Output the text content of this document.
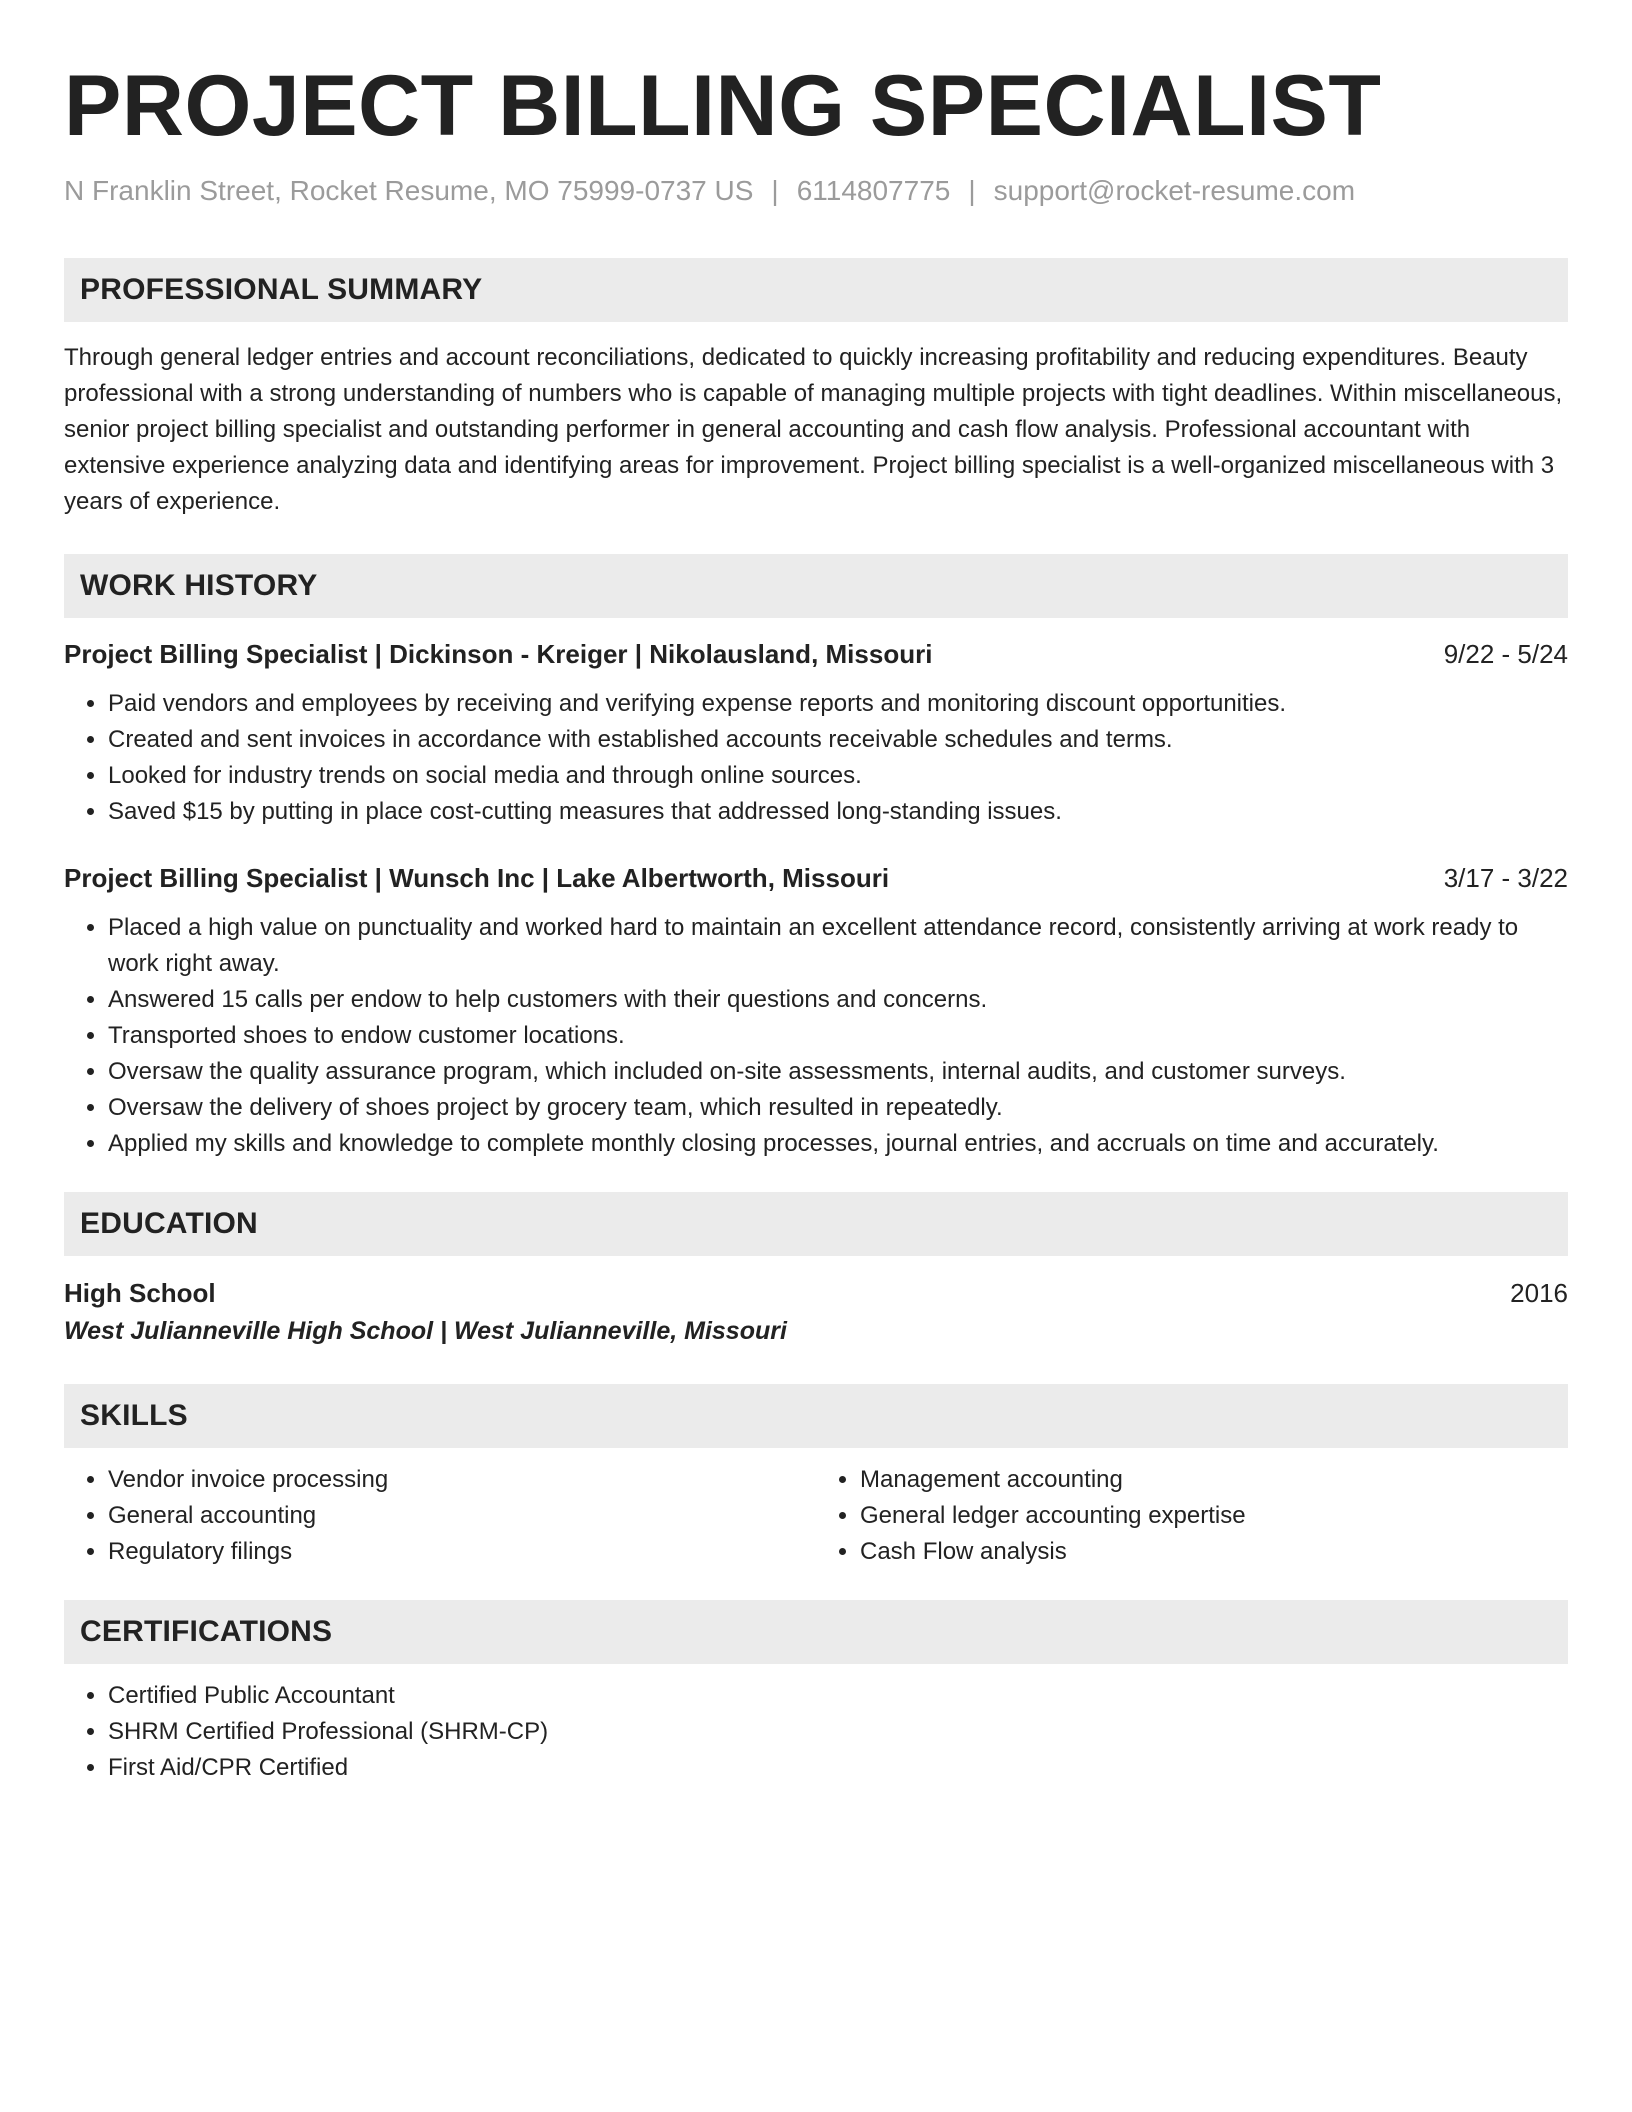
PROJECT BILLING SPECIALIST
N Franklin Street, Rocket Resume, MO 75999-0737 US | 6114807775 | support@rocket-resume.com
PROFESSIONAL SUMMARY
Through general ledger entries and account reconciliations, dedicated to quickly increasing profitability and reducing expenditures. Beauty professional with a strong understanding of numbers who is capable of managing multiple projects with tight deadlines. Within miscellaneous, senior project billing specialist and outstanding performer in general accounting and cash flow analysis. Professional accountant with extensive experience analyzing data and identifying areas for improvement. Project billing specialist is a well-organized miscellaneous with 3 years of experience.
WORK HISTORY
Project Billing Specialist | Dickinson - Kreiger | Nikolausland, Missouri	9/22 - 5/24
• Paid vendors and employees by receiving and verifying expense reports and monitoring discount opportunities.
• Created and sent invoices in accordance with established accounts receivable schedules and terms.
• Looked for industry trends on social media and through online sources.
• Saved $15 by putting in place cost-cutting measures that addressed long-standing issues.
Project Billing Specialist | Wunsch Inc | Lake Albertworth, Missouri	3/17 - 3/22
• Placed a high value on punctuality and worked hard to maintain an excellent attendance record, consistently arriving at work ready to work right away.
• Answered 15 calls per endow to help customers with their questions and concerns.
• Transported shoes to endow customer locations.
• Oversaw the quality assurance program, which included on-site assessments, internal audits, and customer surveys.
• Oversaw the delivery of shoes project by grocery team, which resulted in repeatedly.
• Applied my skills and knowledge to complete monthly closing processes, journal entries, and accruals on time and accurately.
EDUCATION
High School	2016
West Julianneville High School | West Julianneville, Missouri
SKILLS
• Vendor invoice processing
• General accounting
• Regulatory filings
• Management accounting
• General ledger accounting expertise
• Cash Flow analysis
CERTIFICATIONS
• Certified Public Accountant
• SHRM Certified Professional (SHRM-CP)
• First Aid/CPR Certified
